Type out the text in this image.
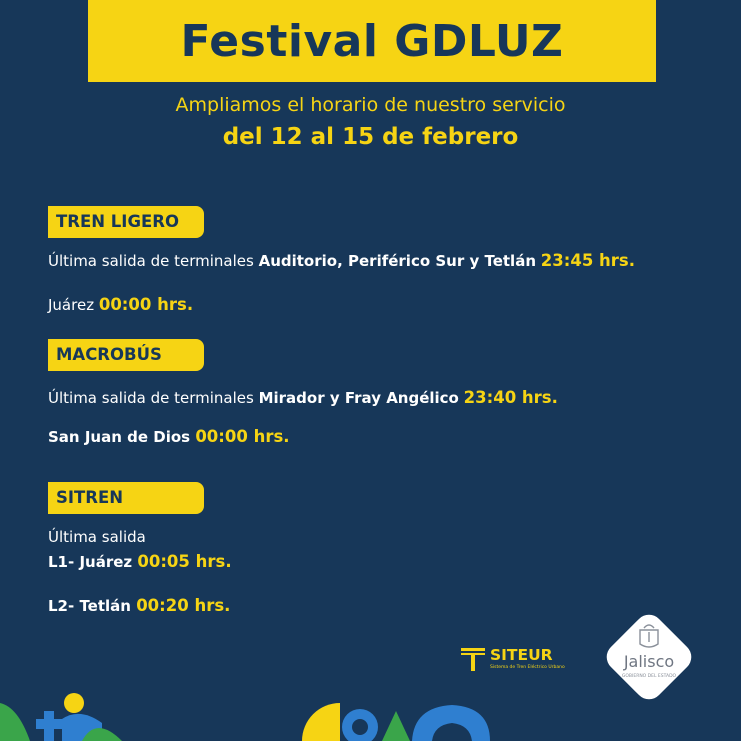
Festival GDLUZ
Ampliamos el horario de nuestro servicio
del 12 al 15 de febrero
TREN LIGERO
Última salida de terminales Auditorio, Periférico Sur y Tetlán 23:45 hrs.
Juárez 00:00 hrs.
MACROBÚS
Última salida de terminales Mirador y Fray Angélico 23:40 hrs.
San Juan de Dios 00:00 hrs.
SITREN
Última salida
L1- Juárez 00:05 hrs.
L2- Tetlán 00:20 hrs.
SITEUR
Sistema de Tren Eléctrico Urbano	Jalisco
GOBIERNO DEL ESTADO
